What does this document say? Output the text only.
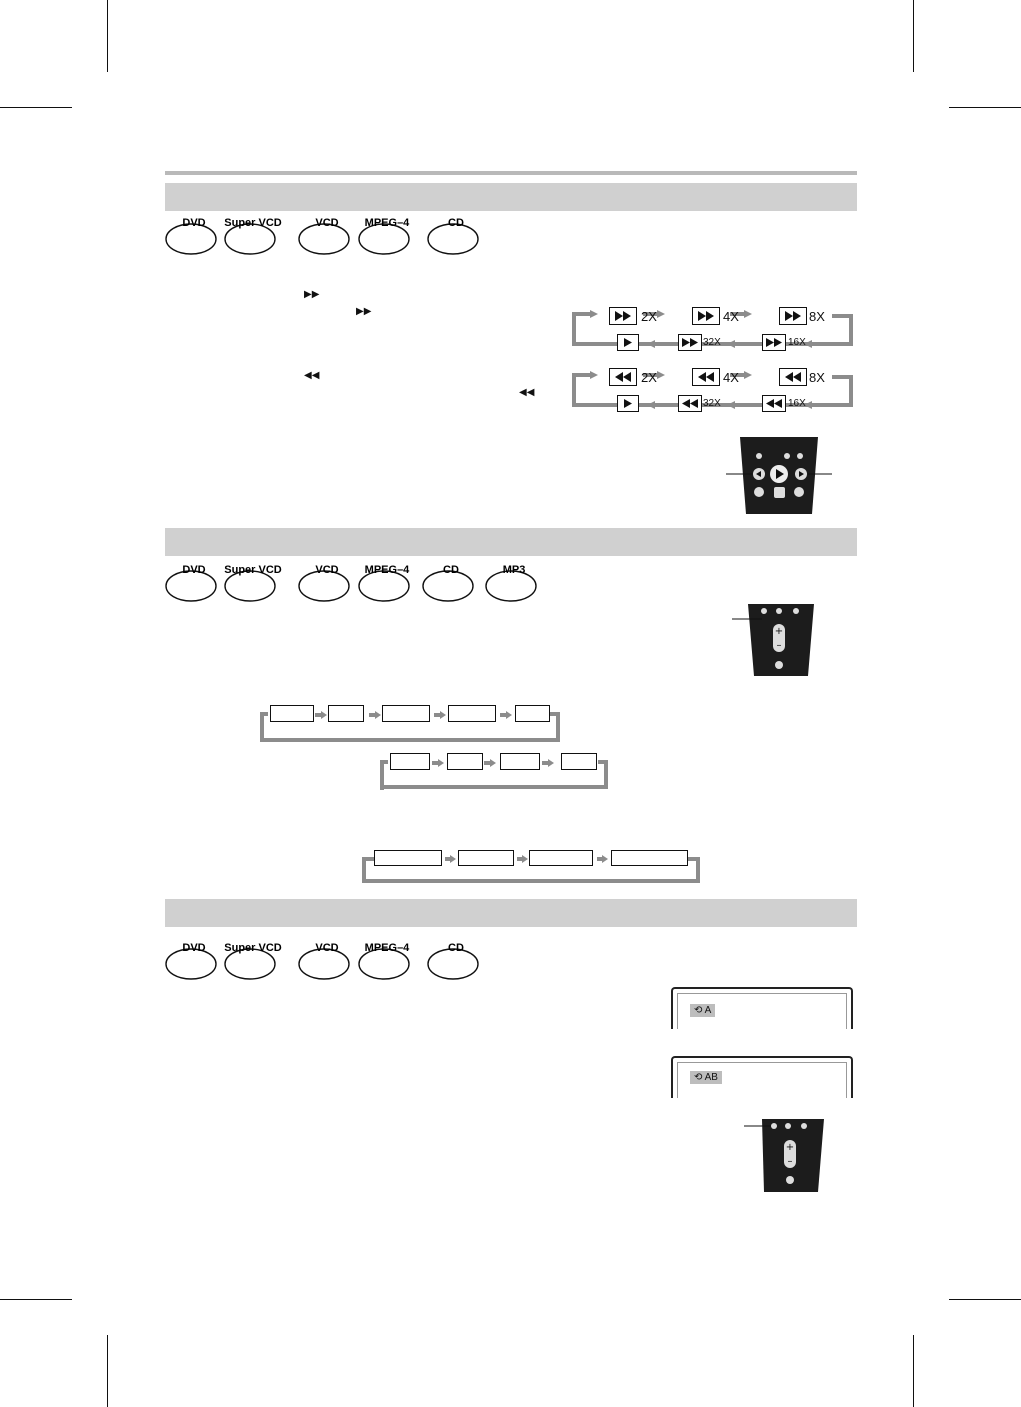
DVD	Super VCD	VCD	MPEG–4	CD
▶▶
▶▶
◀◀
◀◀
2X	4X	8X
32X	16X
2X	4X	8X
32X	16X
DVD	Super VCD	VCD	MPEG–4	CD	MP3
+
–
DVD	Super VCD	VCD	MPEG–4	CD
⟲ A
⟲ AB
+
–
